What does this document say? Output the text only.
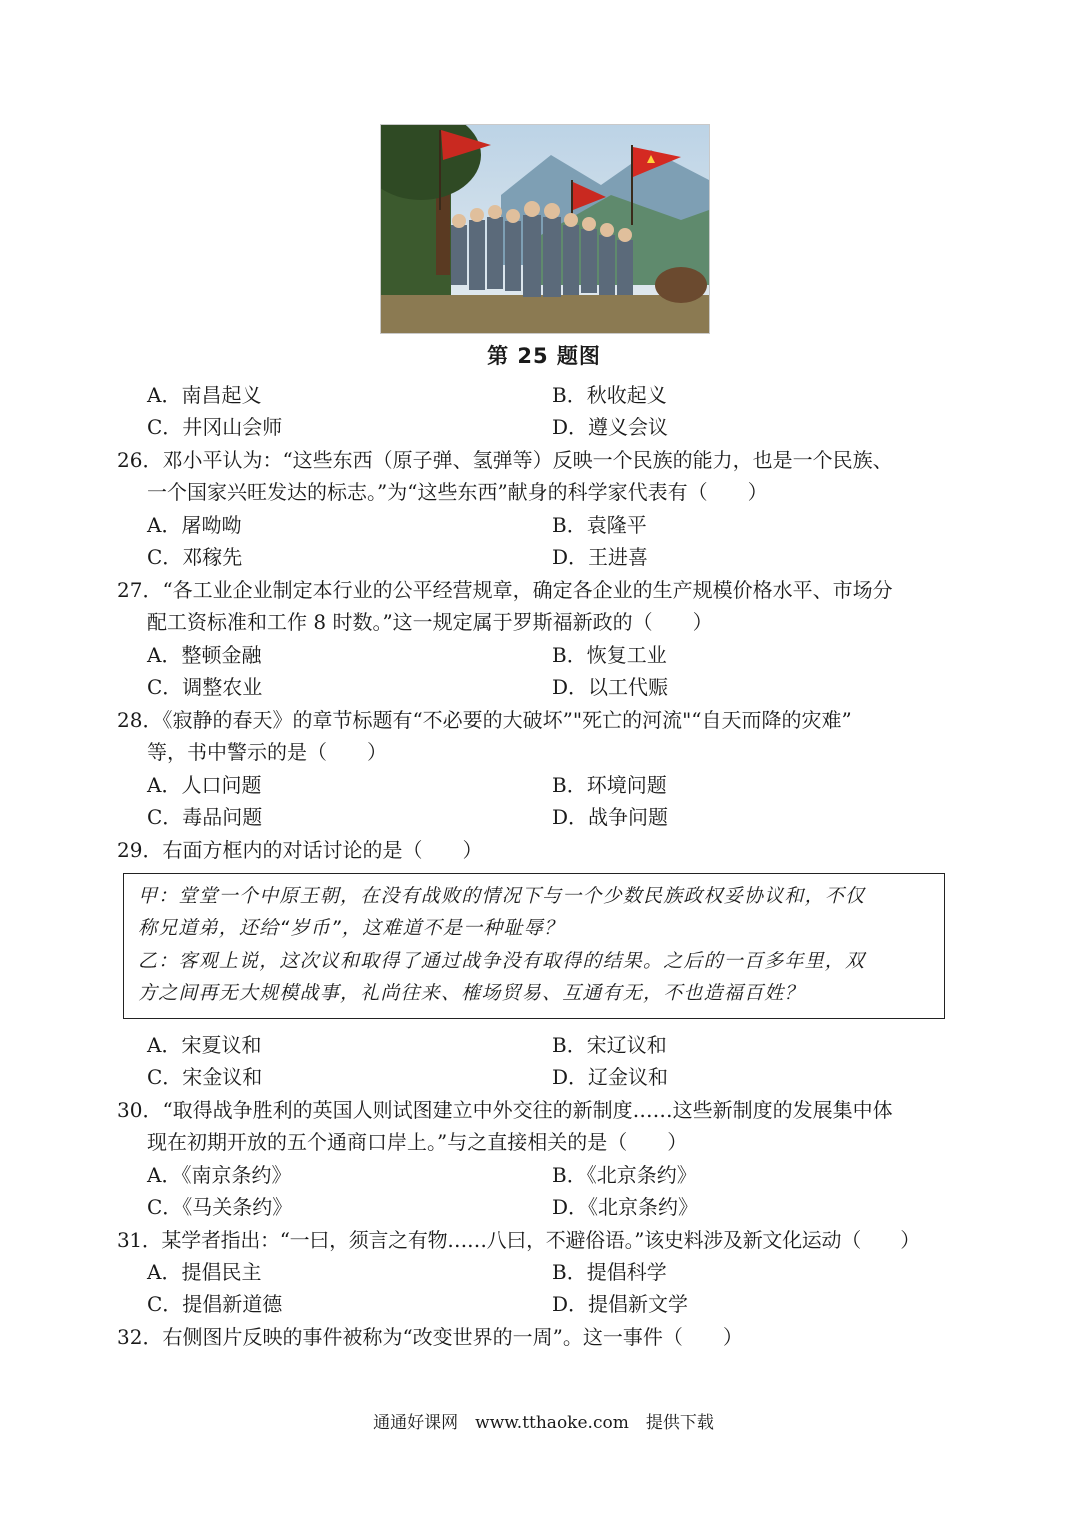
第 25 题图
A．南昌起义	B．秋收起义
C．井冈山会师	D．遵义会议
26．邓小平认为：“这些东西（原子弹、氢弹等）反映一个民族的能力，也是一个民族、
一个国家兴旺发达的标志。”为“这些东西”献身的科学家代表有（　　）
A．屠呦呦	B．袁隆平
C．邓稼先	D．王进喜
27．“各工业企业制定本行业的公平经营规章，确定各企业的生产规模价格水平、市场分
配工资标准和工作 8 时数。”这一规定属于罗斯福新政的（　　）
A．整顿金融	B．恢复工业
C．调整农业	D．以工代赈
28．《寂静的春天》的章节标题有“不必要的大破坏”"死亡的河流"“自天而降的灾难”
等，书中警示的是（　　）
A．人口问题	B．环境问题
C．毒品问题	D．战争问题
29．右面方框内的对话讨论的是（　　）
甲：堂堂一个中原王朝，在没有战败的情况下与一个少数民族政权妥协议和，不仅
称兄道弟，还给“岁币”，这难道不是一种耻辱？
乙：客观上说，这次议和取得了通过战争没有取得的结果。之后的一百多年里，双
方之间再无大规模战事，礼尚往来、榷场贸易、互通有无，不也造福百姓？
A．宋夏议和	B．宋辽议和
C．宋金议和	D．辽金议和
30．“取得战争胜利的英国人则试图建立中外交往的新制度……这些新制度的发展集中体
现在初期开放的五个通商口岸上。”与之直接相关的是（　　）
A．《南京条约》	B．《北京条约》
C．《马关条约》	D．《北京条约》
31．某学者指出：“一曰，须言之有物……八曰，不避俗语。”该史料涉及新文化运动（　　）
A．提倡民主	B．提倡科学
C．提倡新道德	D．提倡新文学
32．右侧图片反映的事件被称为“改变世界的一周”。这一事件（　　）
通通好课网　www.tthaoke.com　提供下载
